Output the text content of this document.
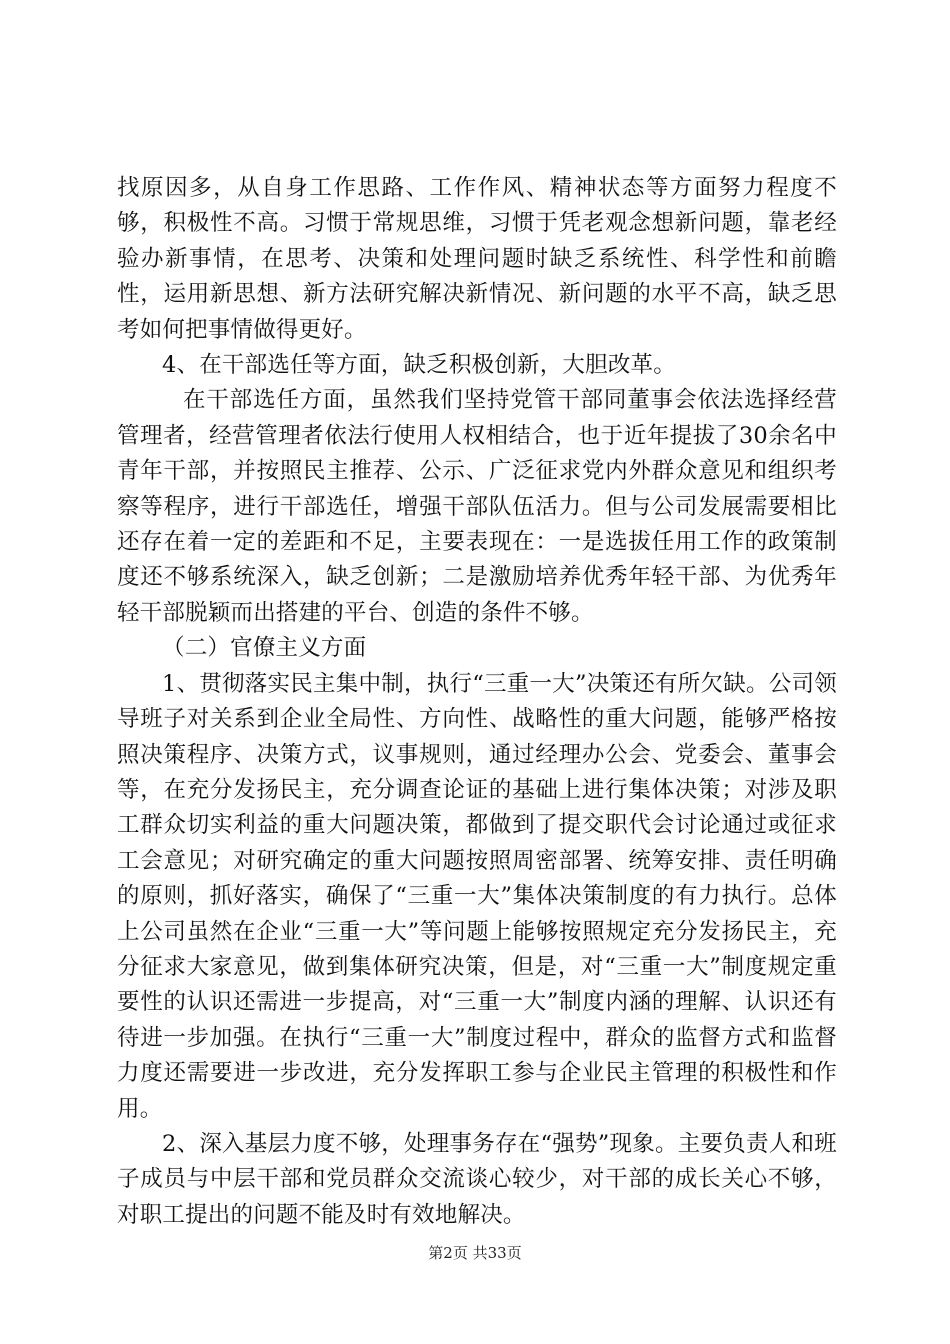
找原因多，从自身工作思路、工作作风、精神状态等方面努力程度不够，积极性不高。习惯于常规思维，习惯于凭老观念想新问题，靠老经验办新事情，在思考、决策和处理问题时缺乏系统性、科学性和前瞻性，运用新思想、新方法研究解决新情况、新问题的水平不高，缺乏思考如何把事情做得更好。

4、在干部选任等方面，缺乏积极创新，大胆改革。

在干部选任方面，虽然我们坚持党管干部同董事会依法选择经营管理者，经营管理者依法行使用人权相结合，也于近年提拔了30余名中青年干部，并按照民主推荐、公示、广泛征求党内外群众意见和组织考察等程序，进行干部选任，增强干部队伍活力。但与公司发展需要相比还存在着一定的差距和不足，主要表现在：一是选拔任用工作的政策制度还不够系统深入，缺乏创新；二是激励培养优秀年轻干部、为优秀年轻干部脱颖而出搭建的平台、创造的条件不够。

（二）官僚主义方面

1、贯彻落实民主集中制，执行“三重一大”决策还有所欠缺。公司领导班子对关系到企业全局性、方向性、战略性的重大问题，能够严格按照决策程序、决策方式，议事规则，通过经理办公会、党委会、董事会等，在充分发扬民主，充分调查论证的基础上进行集体决策；对涉及职工群众切实利益的重大问题决策，都做到了提交职代会讨论通过或征求工会意见；对研究确定的重大问题按照周密部署、统筹安排、责任明确的原则，抓好落实，确保了“三重一大”集体决策制度的有力执行。总体上公司虽然在企业“三重一大”等问题上能够按照规定充分发扬民主，充分征求大家意见，做到集体研究决策，但是，对“三重一大”制度规定重要性的认识还需进一步提高，对“三重一大”制度内涵的理解、认识还有待进一步加强。在执行“三重一大”制度过程中，群众的监督方式和监督力度还需要进一步改进，充分发挥职工参与企业民主管理的积极性和作用。

2、深入基层力度不够，处理事务存在“强势”现象。主要负责人和班子成员与中层干部和党员群众交流谈心较少，对干部的成长关心不够，对职工提出的问题不能及时有效地解决。

第2页 共33页
